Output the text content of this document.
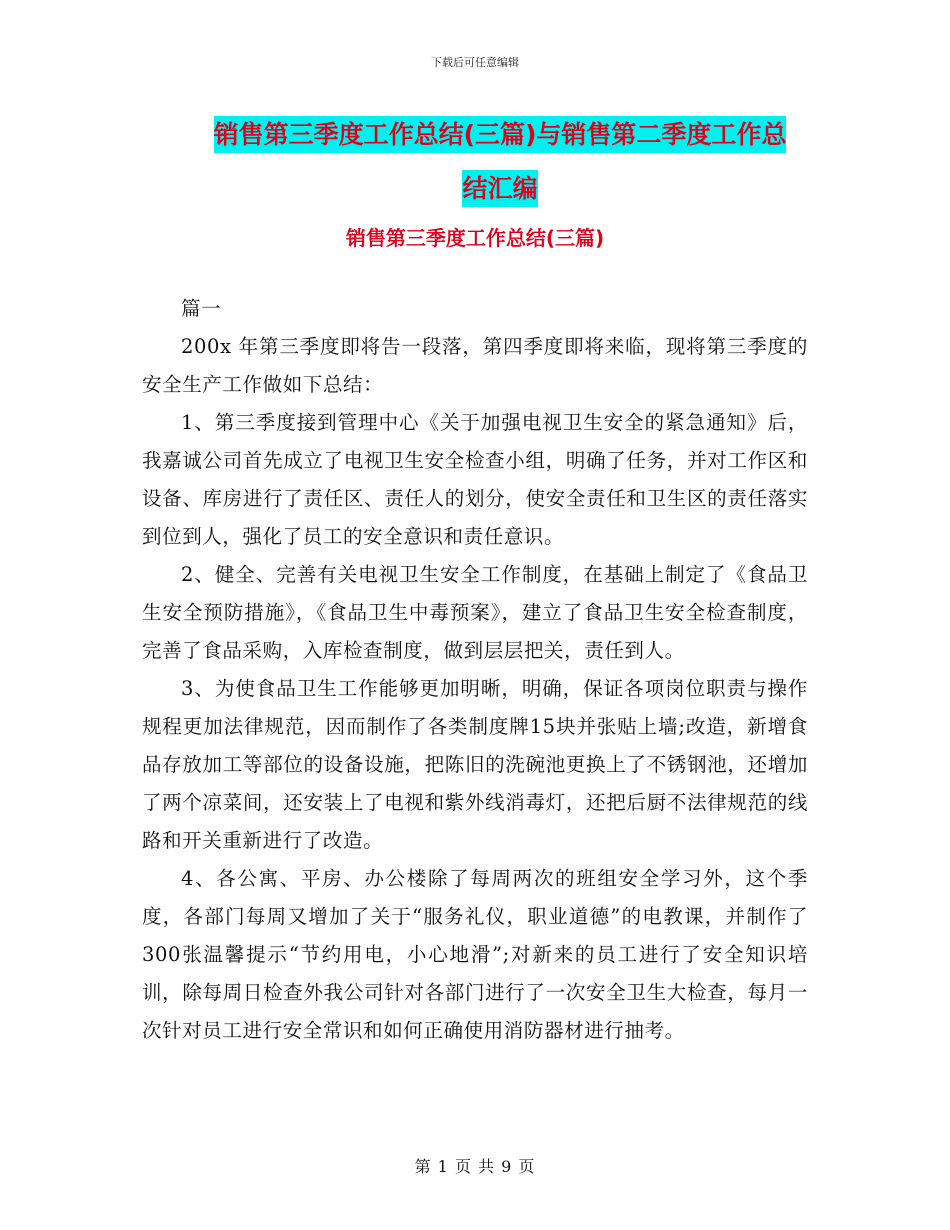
下载后可任意编辑
销售第三季度工作总结(三篇)与销售第二季度工作总
结汇编
销售第三季度工作总结(三篇)

篇一

200x 年第三季度即将告一段落，第四季度即将来临，现将第三季度的安全生产工作做如下总结：

1、第三季度接到管理中心《关于加强电视卫生安全的紧急通知》后，我嘉诚公司首先成立了电视卫生安全检查小组，明确了任务，并对工作区和设备、库房进行了责任区、责任人的划分，使安全责任和卫生区的责任落实到位到人，强化了员工的安全意识和责任意识。

2、健全、完善有关电视卫生安全工作制度，在基础上制定了《食品卫生安全预防措施》，《食品卫生中毒预案》，建立了食品卫生安全检查制度，完善了食品采购，入库检查制度，做到层层把关，责任到人。

3、为使食品卫生工作能够更加明晰，明确，保证各项岗位职责与操作规程更加法律规范，因而制作了各类制度牌15块并张贴上墙;改造，新增食品存放加工等部位的设备设施，把陈旧的洗碗池更换上了不锈钢池，还增加了两个凉菜间，还安装上了电视和紫外线消毒灯，还把后厨不法律规范的线路和开关重新进行了改造。

4、各公寓、平房、办公楼除了每周两次的班组安全学习外，这个季度，各部门每周又增加了关于“服务礼仪，职业道德”的电教课，并制作了300张温馨提示“节约用电，小心地滑”;对新来的员工进行了安全知识培训，除每周日检查外我公司针对各部门进行了一次安全卫生大检查，每月一次针对员工进行安全常识和如何正确使用消防器材进行抽考。

第 1 页 共 9 页
